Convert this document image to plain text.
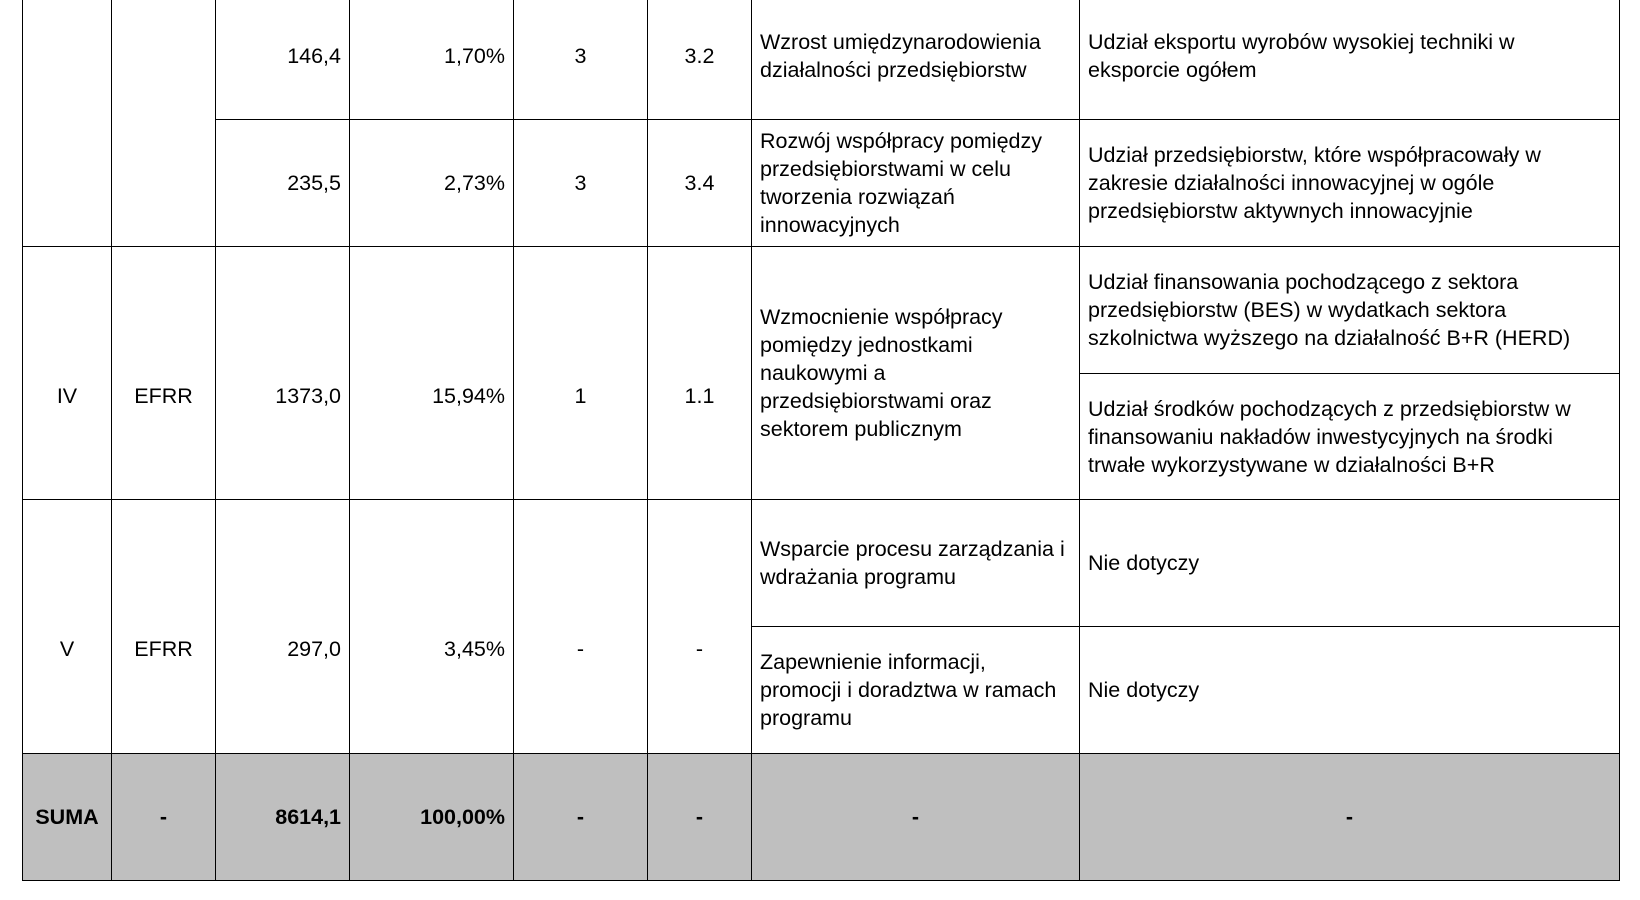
		146,4	1,70%	3	3.2	Wzrost umiędzynarodowienia działalności przedsiębiorstw	Udział eksportu wyrobów wysokiej techniki w eksporcie ogółem
		235,5	2,73%	3	3.4	Rozwój współpracy pomiędzy przedsiębiorstwami w celu tworzenia rozwiązań innowacyjnych	Udział przedsiębiorstw, które współpracowały w zakresie działalności innowacyjnej w ogóle przedsiębiorstw aktywnych innowacyjnie
IV	EFRR	1373,0	15,94%	1	1.1	Wzmocnienie współpracy pomiędzy jednostkami naukowymi a przedsiębiorstwami oraz sektorem publicznym	Udział finansowania pochodzącego z sektora przedsiębiorstw (BES) w wydatkach sektora szkolnictwa wyższego na działalność B+R (HERD)
							Udział środków pochodzących z przedsiębiorstw w finansowaniu nakładów inwestycyjnych na środki trwałe wykorzystywane w działalności B+R
V	EFRR	297,0	3,45%	-	-	Wsparcie procesu zarządzania i wdrażania programu	Nie dotyczy
						Zapewnienie informacji, promocji i doradztwa w ramach programu	Nie dotyczy
SUMA	-	8614,1	100,00%	-	-	-	-
